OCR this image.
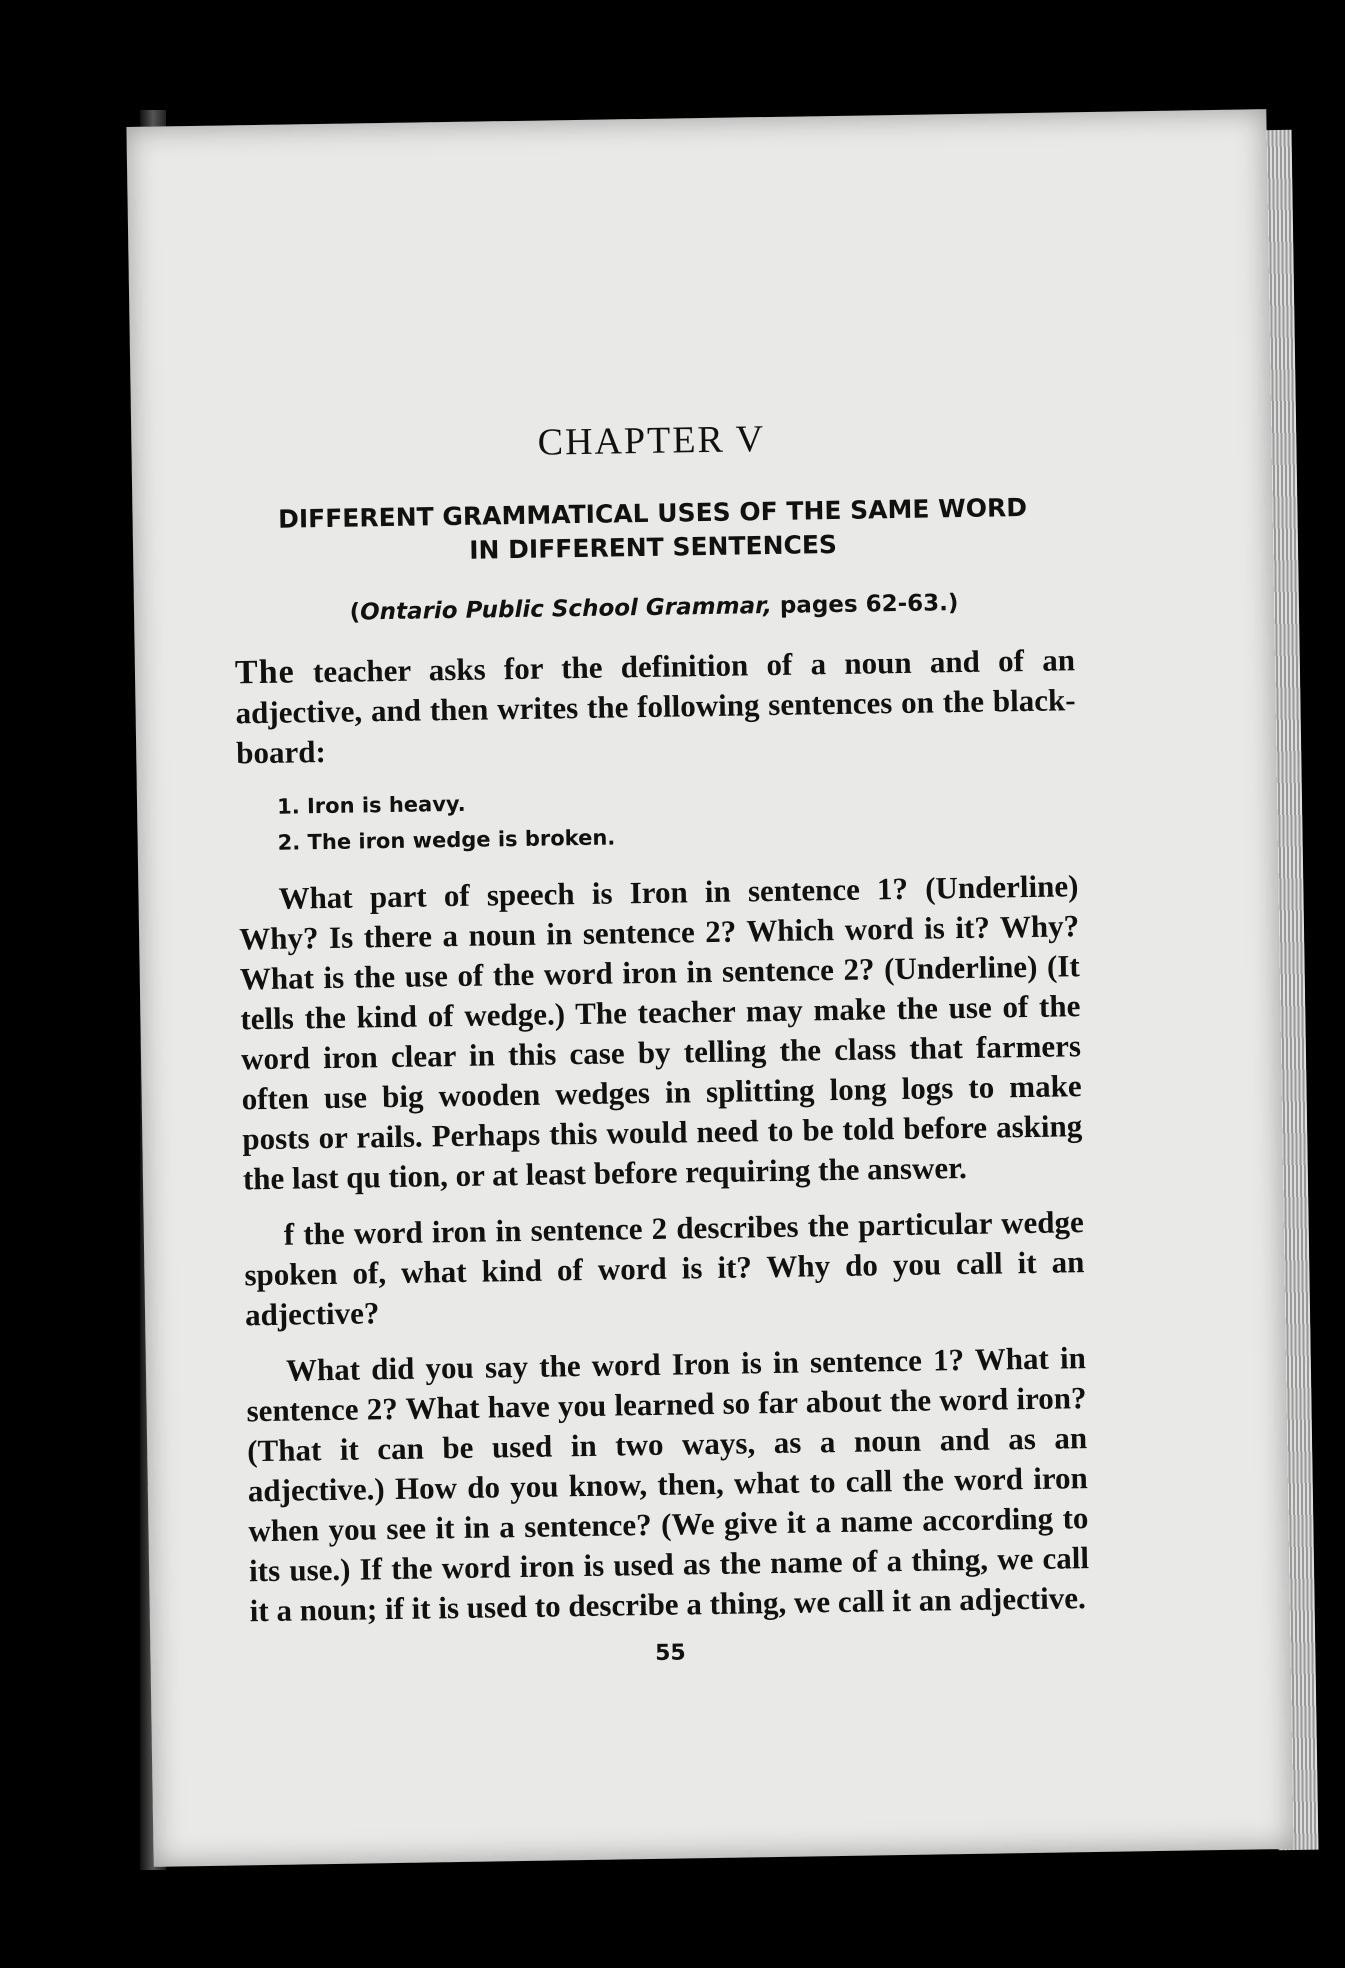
CHAPTER V
DIFFERENT GRAMMATICAL USES OF THE SAME WORD
IN DIFFERENT SENTENCES
(Ontario Public School Grammar, pages 62-63.)

The teacher asks for the definition of a noun and of an adjective, and then writes the following sentences on the black-board:

1. Iron is heavy.
2. The iron wedge is broken.

What part of speech is Iron in sentence 1? (Underline) Why? Is there a noun in sentence 2? Which word is it? Why? What is the use of the word iron in sentence 2? (Underline) (It tells the kind of wedge.) The teacher may make the use of the word iron clear in this case by telling the class that farmers often use big wooden wedges in splitting long logs to make posts or rails. Perhaps this would need to be told before asking the last qu tion, or at least before requiring the answer.

f the word iron in sentence 2 describes the particular wedge spoken of, what kind of word is it? Why do you call it an adjective?

What did you say the word Iron is in sentence 1? What in sentence 2? What have you learned so far about the word iron? (That it can be used in two ways, as a noun and as an adjective.) How do you know, then, what to call the word iron when you see it in a sentence? (We give it a name according to its use.) If the word iron is used as the name of a thing, we call it a noun; if it is used to describe a thing, we call it an adjective.

55
